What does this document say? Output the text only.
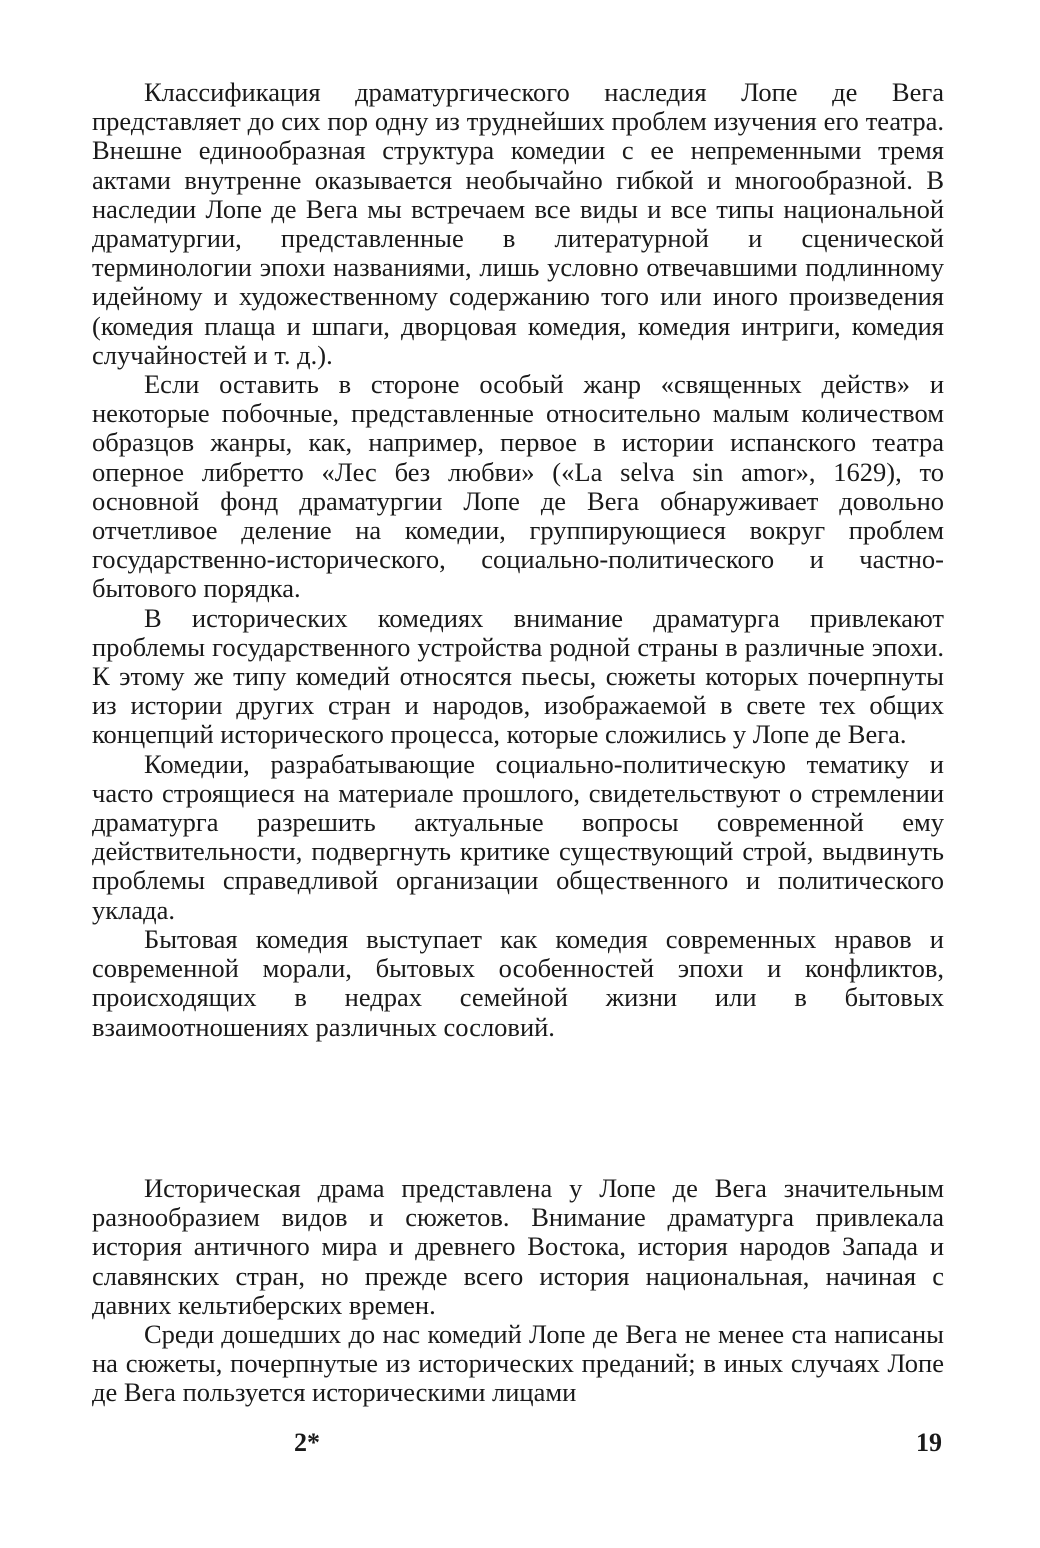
Классификация драматургического наследия Лопе де Вега представляет до сих пор одну из труднейших проблем изучения его театра. Внешне единообразная структура комедии с ее непременными тремя актами внутренне оказывается необычайно гибкой и многообразной. В наследии Лопе де Вега мы встречаем все виды и все типы национальной драматургии, представленные в литературной и сценической терминологии эпохи названиями, лишь условно отвечавшими подлинному идейному и художественному содержанию того или иного произведения (комедия плаща и шпаги, дворцовая комедия, комедия интриги, комедия случайностей и т. д.).

Если оставить в стороне особый жанр «священных действ» и некоторые побочные, представленные относительно малым количеством образцов жанры, как, например, первое в истории испанского театра оперное либретто «Лес без любви» («La selva sin amor», 1629), то основной фонд драматургии Лопе де Вега обнаруживает довольно отчетливое деление на комедии, группирующиеся вокруг проблем государственно-исторического, социально-политического и частно-бытового порядка.

В исторических комедиях внимание драматурга привлекают проблемы государственного устройства родной страны в различные эпохи. К этому же типу комедий относятся пьесы, сюжеты которых почерпнуты из истории других стран и народов, изображаемой в свете тех общих концепций исторического процесса, которые сложились у Лопе де Вега.

Комедии, разрабатывающие социально-политическую тематику и часто строящиеся на материале прошлого, свидетельствуют о стремлении драматурга разрешить актуальные вопросы современной ему действительности, подвергнуть критике существующий строй, выдвинуть проблемы справедливой организации общественного и политического уклада.

Бытовая комедия выступает как комедия современных нравов и современной морали, бытовых особенностей эпохи и конфликтов, происходящих в недрах семейной жизни или в бытовых взаимоотношениях различных сословий.

Историческая драма представлена у Лопе де Вега значительным разнообразием видов и сюжетов. Внимание драматурга привлекала история античного мира и древнего Востока, история народов Запада и славянских стран, но прежде всего история национальная, начиная с давних кельтиберских времен.

Среди дошедших до нас комедий Лопе де Вега не менее ста написаны на сюжеты, почерпнутые из исторических преданий; в иных случаях Лопе де Вега пользуется историческими лицами

2*	19
